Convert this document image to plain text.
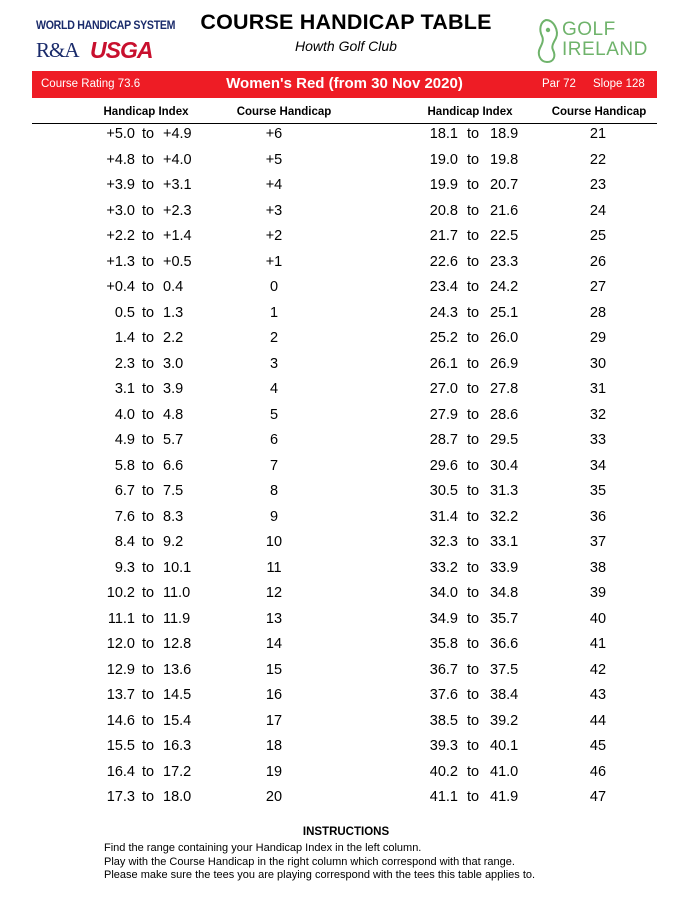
WORLD HANDICAP SYSTEM
R&A USGA
COURSE HANDICAP TABLE
Howth Golf Club
GOLF
IRELAND
Course Rating 73.6	Women's Red (from 30 Nov 2020)	Par 72 Slope 128
Handicap Index	Course Handicap	Handicap Index	Course Handicap
+5.0 to +4.9	+6	18.1 to 18.9	21
+4.8 to +4.0	+5	19.0 to 19.8	22
+3.9 to +3.1	+4	19.9 to 20.7	23
+3.0 to +2.3	+3	20.8 to 21.6	24
+2.2 to +1.4	+2	21.7 to 22.5	25
+1.3 to +0.5	+1	22.6 to 23.3	26
+0.4 to 0.4	0	23.4 to 24.2	27
0.5 to 1.3	1	24.3 to 25.1	28
1.4 to 2.2	2	25.2 to 26.0	29
2.3 to 3.0	3	26.1 to 26.9	30
3.1 to 3.9	4	27.0 to 27.8	31
4.0 to 4.8	5	27.9 to 28.6	32
4.9 to 5.7	6	28.7 to 29.5	33
5.8 to 6.6	7	29.6 to 30.4	34
6.7 to 7.5	8	30.5 to 31.3	35
7.6 to 8.3	9	31.4 to 32.2	36
8.4 to 9.2	10	32.3 to 33.1	37
9.3 to 10.1	11	33.2 to 33.9	38
10.2 to 11.0	12	34.0 to 34.8	39
11.1 to 11.9	13	34.9 to 35.7	40
12.0 to 12.8	14	35.8 to 36.6	41
12.9 to 13.6	15	36.7 to 37.5	42
13.7 to 14.5	16	37.6 to 38.4	43
14.6 to 15.4	17	38.5 to 39.2	44
15.5 to 16.3	18	39.3 to 40.1	45
16.4 to 17.2	19	40.2 to 41.0	46
17.3 to 18.0	20	41.1 to 41.9	47
INSTRUCTIONS
Find the range containing your Handicap Index in the left column.
Play with the Course Handicap in the right column which correspond with that range.
Please make sure the tees you are playing correspond with the tees this table applies to.
